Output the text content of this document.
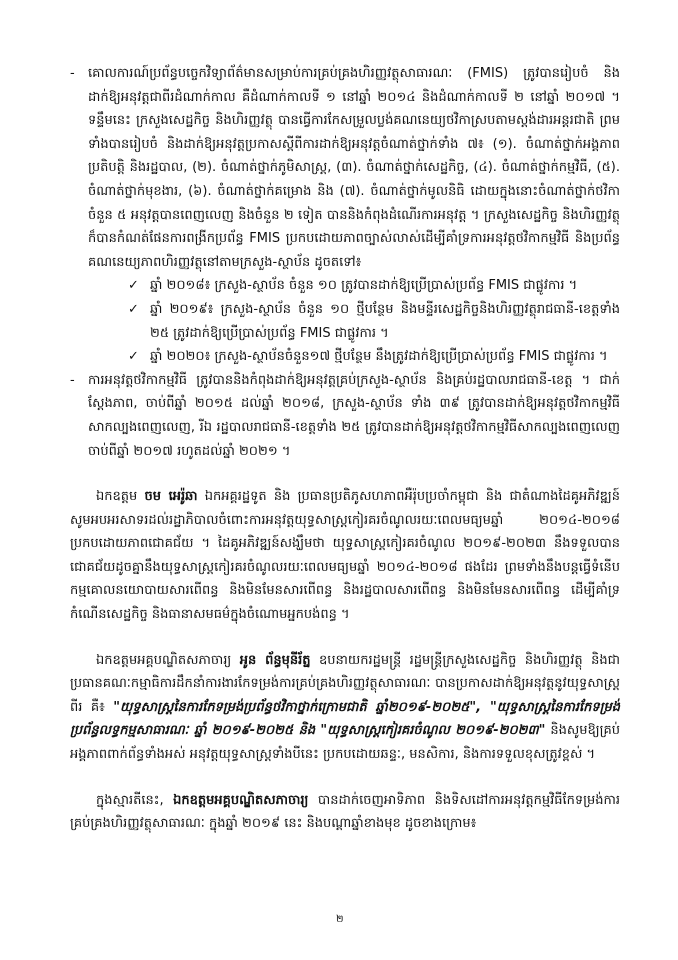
-	គោលការណ៍ប្រព័ន្ធបច្ចេកវិទ្យាព័ត៌មានសម្រាប់ការគ្រប់គ្រងហិរញ្ញវត្ថុសាធារណៈ (FMIS) ត្រូវបានរៀបចំ និងដាក់ឱ្យអនុវត្តជាពីរដំណាក់កាល គឺដំណាក់កាលទី ១ នៅឆ្នាំ ២០១៤ និងដំណាក់កាលទី ២ នៅឆ្នាំ ២០១៧ ។ ទន្ទឹមនេះ ក្រសួងសេដ្ឋកិច្ច និងហិរញ្ញវត្ថុ បានធ្វើការកែសម្រួលប្លង់គណនេយ្យថវិកាស្របតាមស្តង់ដារអន្តរជាតិ ព្រមទាំងបានរៀបចំ និងដាក់ឱ្យអនុវត្តប្រកាសស្តីពីការដាក់ឱ្យអនុវត្តចំណាត់ថ្នាក់ទាំង ៧៖ (១). ចំណាត់ថ្នាក់អង្គភាពប្រតិបត្តិ និងរដ្ឋបាល, (២). ចំណាត់ថ្នាក់ភូមិសាស្ត្រ, (៣). ចំណាត់ថ្នាក់សេដ្ឋកិច្ច, (៤). ចំណាត់ថ្នាក់កម្មវិធី, (៥). ចំណាត់ថ្នាក់មុខងារ, (៦). ចំណាត់ថ្នាក់គម្រោង និង (៧). ចំណាត់ថ្នាក់មូលនិធិ ដោយក្នុងនោះចំណាត់ថ្នាក់ថវិកាចំនួន ៥ អនុវត្តបានពេញលេញ និងចំនួន ២ ទៀត បាននិងកំពុងដំណើរការអនុវត្ត ។ ក្រសួងសេដ្ឋកិច្ច និងហិរញ្ញវត្ថុ ក៏បានកំណត់ផែនការពង្រីកប្រព័ន្ធ FMIS ប្រកបដោយភាពច្បាស់លាស់ដើម្បីគាំទ្រការអនុវត្តថវិកាកម្មវិធី និងប្រព័ន្ធគណនេយ្យភាពហិរញ្ញវត្ថុនៅតាមក្រសួង-ស្ថាប័ន ដូចតទៅ៖

✓ ឆ្នាំ ២០១៨៖ ក្រសួង-ស្ថាប័ន ចំនួន ១០ ត្រូវបានដាក់ឱ្យប្រើប្រាស់ប្រព័ន្ធ FMIS ជាផ្លូវការ ។

✓ ឆ្នាំ ២០១៩៖ ក្រសួង-ស្ថាប័ន ចំនួន ១០ ថ្មីបន្ថែម និងមន្ទីរសេដ្ឋកិច្ចនិងហិរញ្ញវត្ថុរាជធានី-ខេត្តទាំង ២៥ ត្រូវដាក់ឱ្យប្រើប្រាស់ប្រព័ន្ធ FMIS ជាផ្លូវការ ។

✓ ឆ្នាំ ២០២០៖ ក្រសួង-ស្ថាប័នចំនួន១៧ ថ្មីបន្ថែម នឹងត្រូវដាក់ឱ្យប្រើប្រាស់ប្រព័ន្ធ FMIS ជាផ្លូវការ ។

-	ការអនុវត្តថវិកាកម្មវិធី ត្រូវបាននិងកំពុងដាក់ឱ្យអនុវត្តគ្រប់ក្រសួង-ស្ថាប័ន និងគ្រប់រដ្ឋបាលរាជធានី-ខេត្ត ។ ជាក់ស្តែងភាព, ចាប់ពីឆ្នាំ ២០១៥ ដល់ឆ្នាំ ២០១៨, ក្រសួង-ស្ថាប័ន ទាំង ៣៩ ត្រូវបានដាក់ឱ្យអនុវត្តថវិកាកម្មវិធីសាកល្បងពេញលេញ, រីឯ រដ្ឋបាលរាជធានី-ខេត្តទាំង ២៥ ត្រូវបានដាក់ឱ្យអនុវត្តថវិកាកម្មវិធីសាកល្បងពេញលេញចាប់ពីឆ្នាំ ២០១៧ រហូតដល់ឆ្នាំ ២០២១ ។

ឯកឧត្តម ចម អេរ៉ូឆា ឯកអគ្គរដ្ឋទូត និង ប្រធានប្រតិភូសហភាពអឺរ៉ុបប្រចាំកម្ពុជា និង ជាតំណាងដៃគូអភិវឌ្ឍន៍ សូមអបអរសាទរដល់រដ្ឋាភិបាលចំពោះការអនុវត្តយុទ្ធសាស្ត្រកៀរគរចំណូលរយៈពេលមធ្យមឆ្នាំ ២០១៤-២០១៨ ប្រកបដោយភាពជោគជ័យ ។ ដៃគូអភិវឌ្ឍន៍សង្ឃឹមថា យុទ្ធសាស្ត្រកៀរគរចំណូល ២០១៩-២០២៣ នឹងទទួលបានជោគជ័យដូចគ្នានឹងយុទ្ធសាស្ត្រកៀរគរចំណូលរយៈពេលមធ្យមឆ្នាំ ២០១៤-២០១៨ ផងដែរ ព្រមទាំងនឹងបន្តធ្វើទំនើបកម្មគោលនយោបាយសារពើពន្ធ និងមិនមែនសារពើពន្ធ និងរដ្ឋបាលសារពើពន្ធ និងមិនមែនសារពើពន្ធ ដើម្បីគាំទ្រកំណើនសេដ្ឋកិច្ច និងធានាសមធម៌ក្នុងចំណោមអ្នកបង់ពន្ធ ។

ឯកឧត្តមអគ្គបណ្ឌិតសភាចារ្យ អូន ព័ន្ធមុនីរ័ត្ន ឧបនាយករដ្ឋមន្ត្រី រដ្ឋមន្ត្រីក្រសួងសេដ្ឋកិច្ច និងហិរញ្ញវត្ថុ និងជាប្រធានគណៈកម្មាធិការដឹកនាំការងារកែទម្រង់ការគ្រប់គ្រងហិរញ្ញវត្ថុសាធារណៈ បានប្រកាសដាក់ឱ្យអនុវត្តនូវយុទ្ធសាស្ត្រពីរ គឺ៖ "យុទ្ធសាស្ត្រនៃការកែទម្រង់ប្រព័ន្ធថវិកាថ្នាក់ក្រោមជាតិ ឆ្នាំ២០១៩-២០២៥", "យុទ្ធសាស្ត្រនៃការកែទម្រង់ប្រព័ន្ធលទ្ធកម្មសាធារណៈ ឆ្នាំ ២០១៩-២០២៥ និង "យុទ្ធសាស្ត្រកៀរគរចំណូល ២០១៩-២០២៣" និងសូមឱ្យគ្រប់អង្គភាពពាក់ព័ន្ធទាំងអស់ អនុវត្តយុទ្ធសាស្ត្រទាំងបីនេះ ប្រកបដោយឆន្ទៈ, មនសិការ, និងការទទួលខុសត្រូវខ្ពស់ ។

ក្នុងស្មារតីនេះ, ឯកឧត្តមអគ្គបណ្ឌិតសភាចារ្យ បានដាក់ចេញអាទិភាព និងទិសដៅការអនុវត្តកម្មវិធីកែទម្រង់ការគ្រប់គ្រងហិរញ្ញវត្ថុសាធារណៈ ក្នុងឆ្នាំ ២០១៩ នេះ និងបណ្ដាឆ្នាំខាងមុខ ដូចខាងក្រោម៖

២
